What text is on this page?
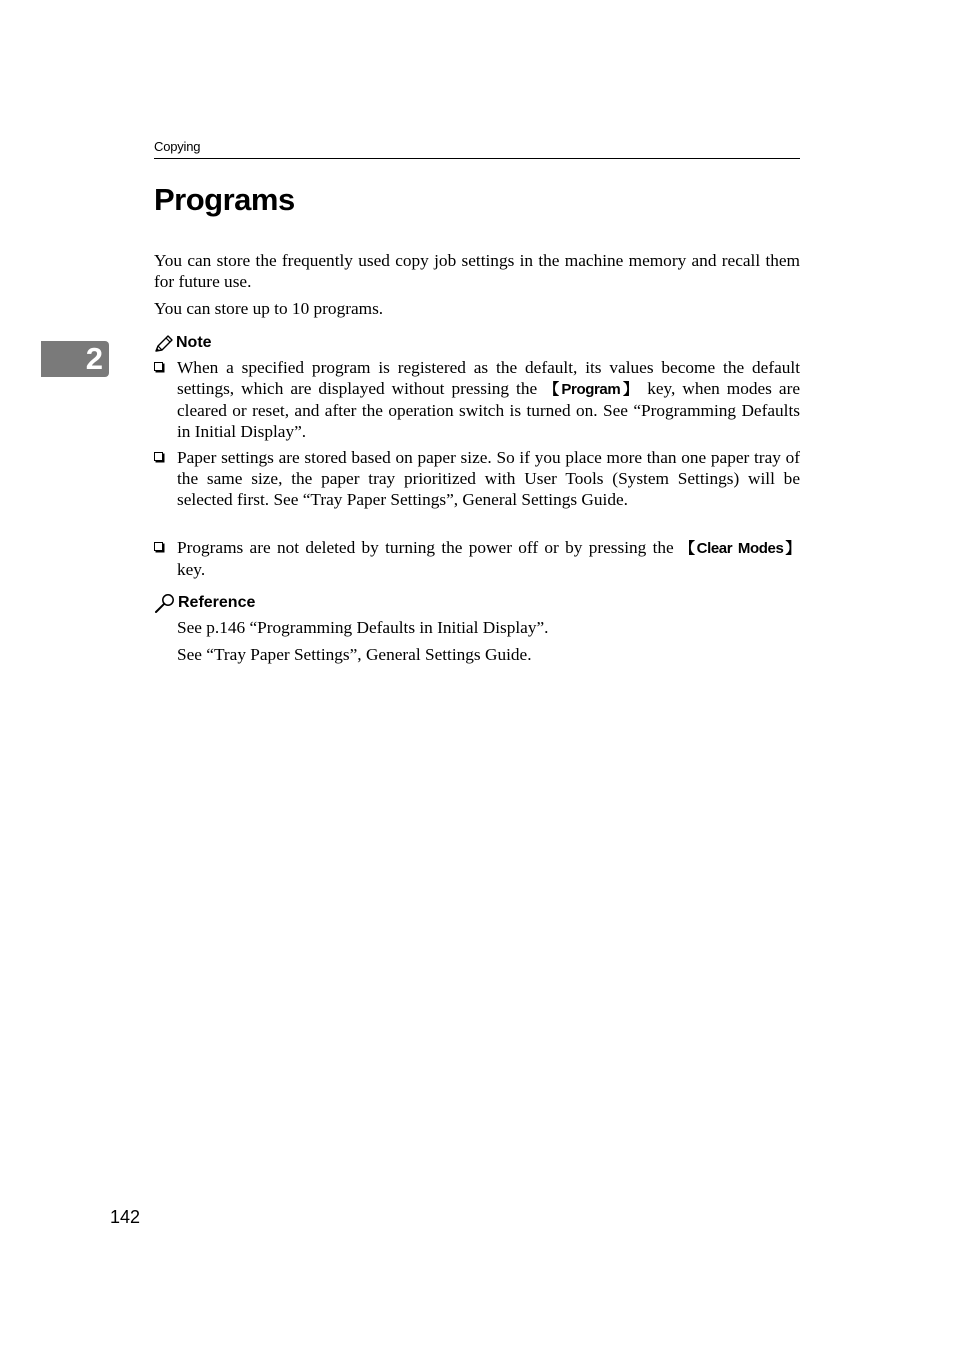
Copying
2
Programs

You can store the frequently used copy job settings in the machine memory and recall them for future use.

You can store up to 10 programs.

Note
When a specified program is registered as the default, its values become the default settings, which are displayed without pressing the 【Program】 key, when modes are cleared or reset, and after the operation switch is turned on. See “Programming Defaults in Initial Display”.
Paper settings are stored based on paper size. So if you place more than one paper tray of the same size, the paper tray prioritized with User Tools (System Settings) will be selected first. See “Tray Paper Settings”, General Settings Guide.
Programs are not deleted by turning the power off or by pressing the 【Clear Modes】 key.
Reference
See p.146 “Programming Defaults in Initial Display”.
See “Tray Paper Settings”, General Settings Guide.
142
